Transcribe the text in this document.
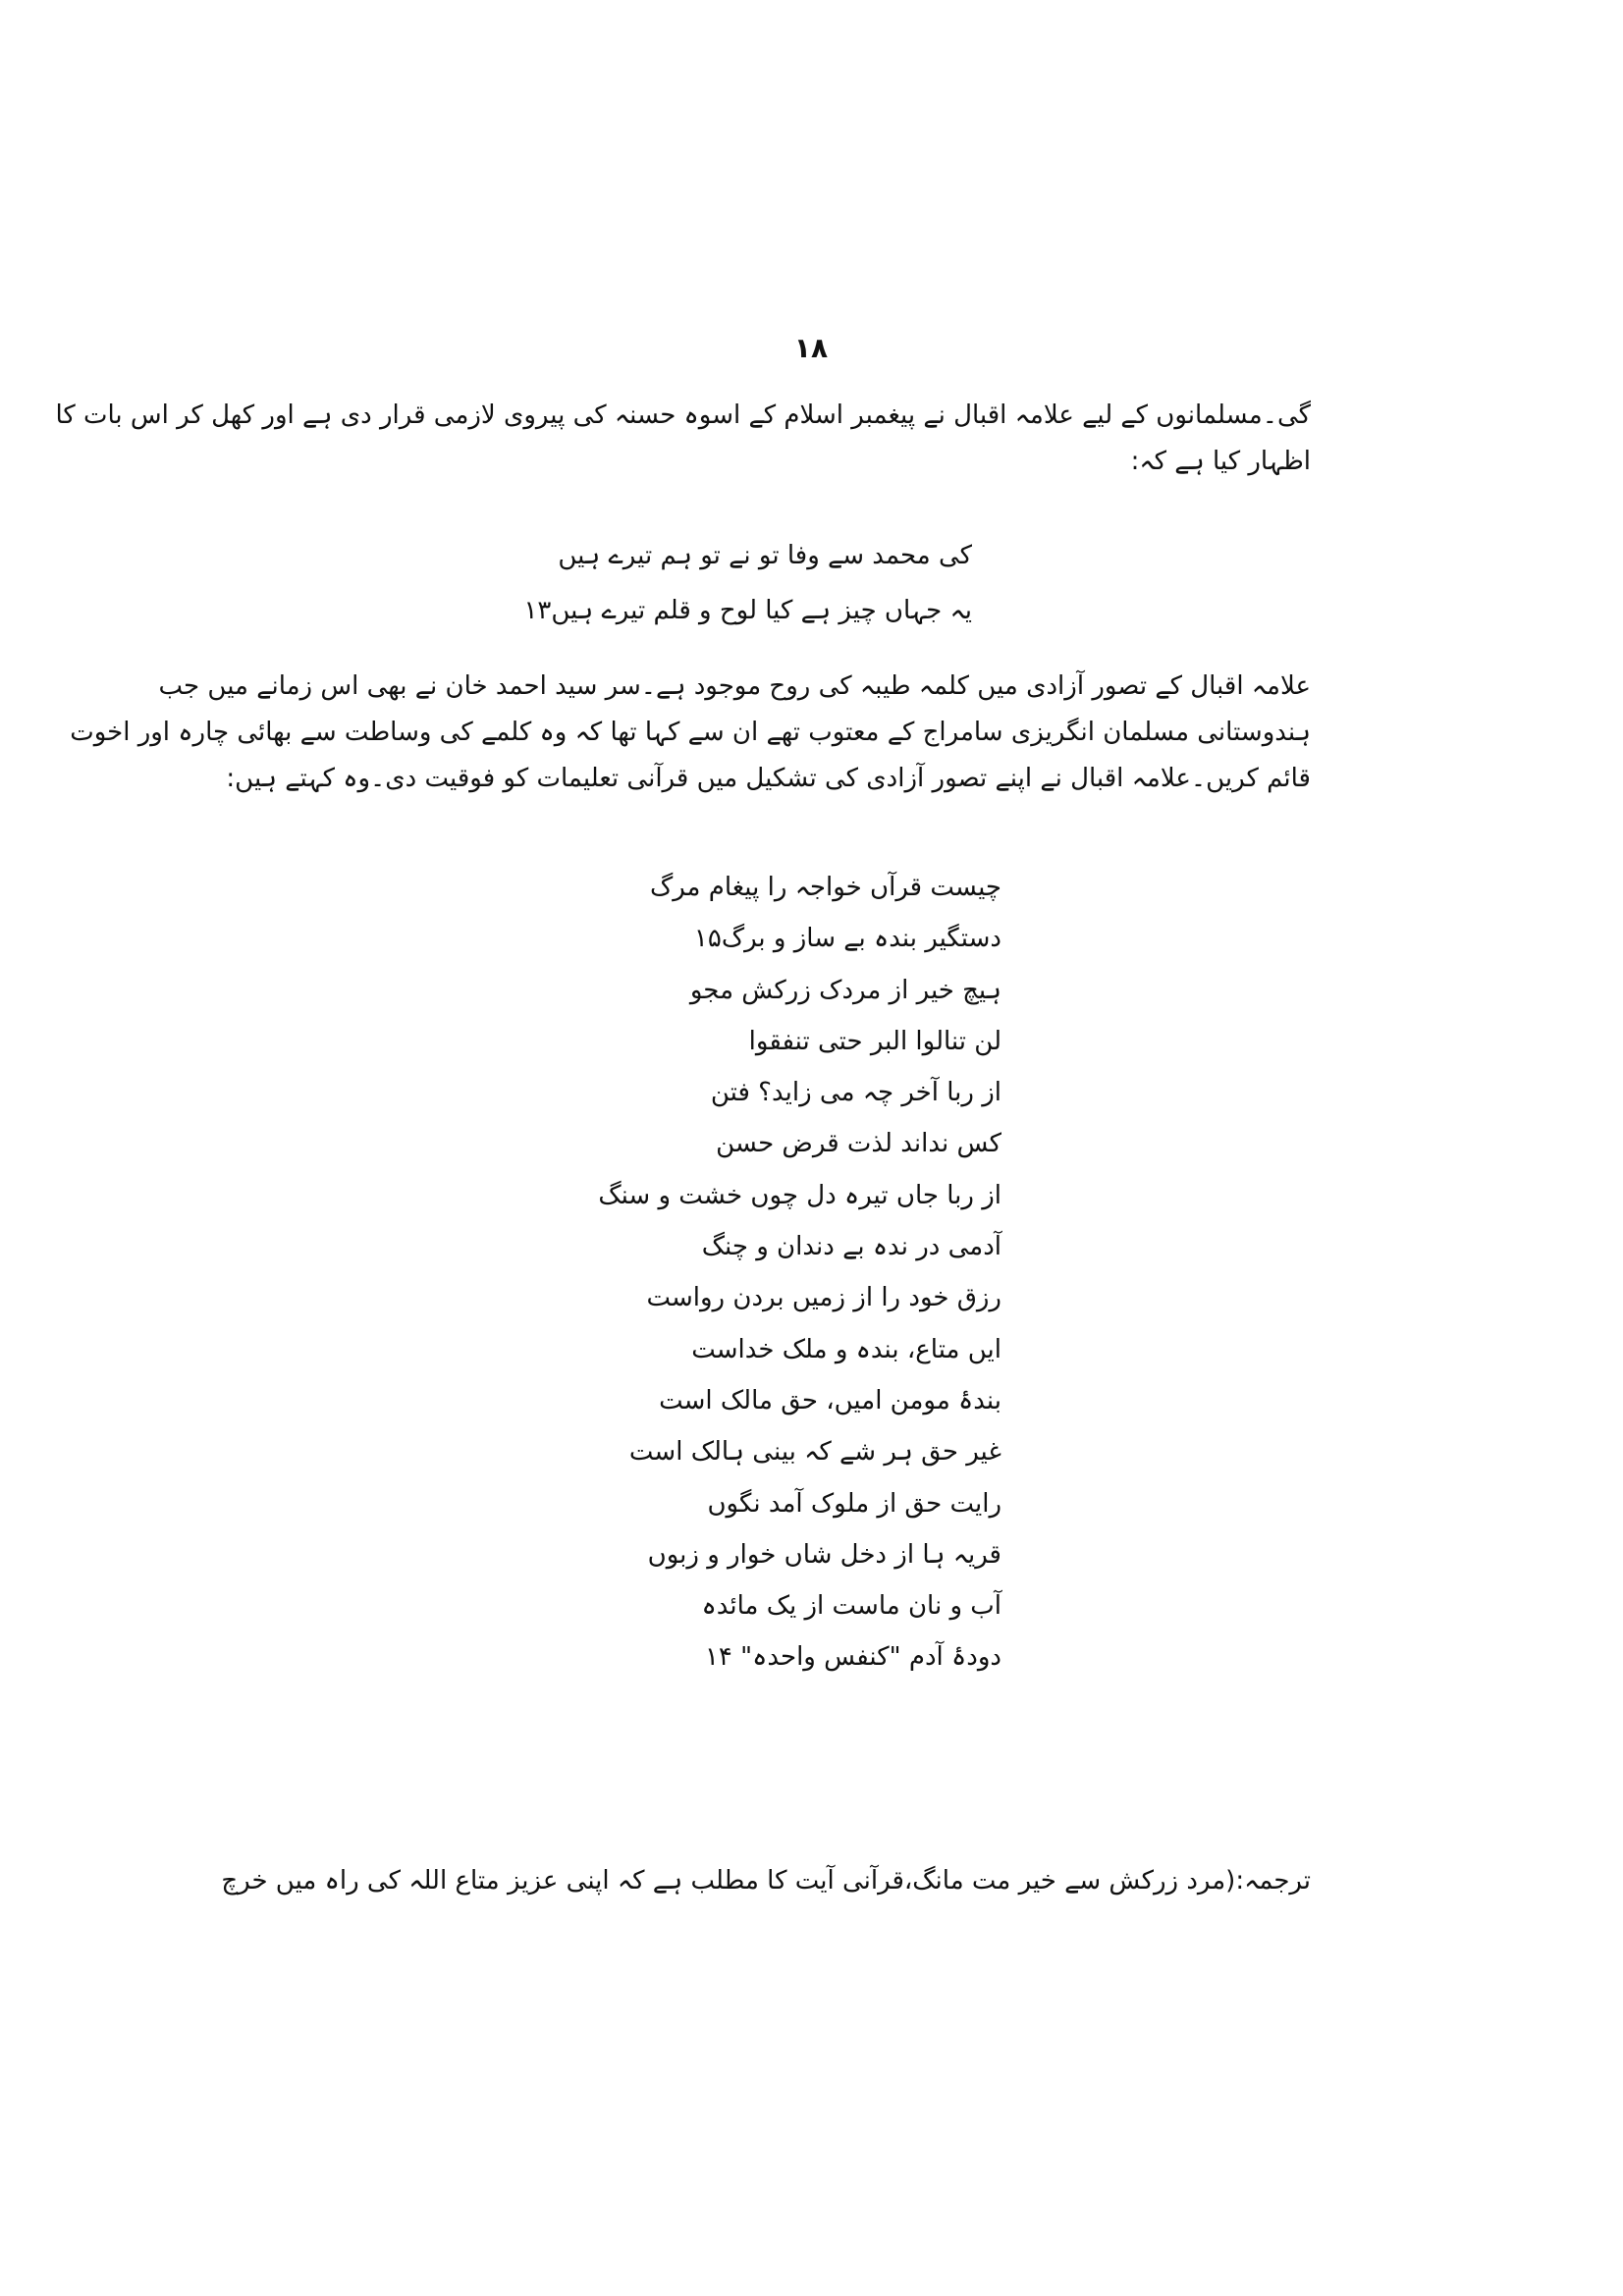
۱۸
گی۔مسلمانوں کے لیے علامہ اقبال نے پیغمبر اسلام کے اسوہ حسنہ کی پیروی لازمی قرار دی ہے اور کھل کر اس بات کا
اظہار کیا ہے کہ:
کی محمد سے وفا تو نے تو ہم تیرے ہیں
یہ جہاں چیز ہے کیا لوح و قلم تیرے ہیں۱۳
علامہ اقبال کے تصور آزادی میں کلمہ طیبہ کی روح موجود ہے۔سر سید احمد خان نے بھی اس زمانے میں جب
ہندوستانی مسلمان انگریزی سامراج کے معتوب تھے ان سے کہا تھا کہ وہ کلمے کی وساطت سے بھائی چارہ اور اخوت
قائم کریں۔علامہ اقبال نے اپنے تصور آزادی کی تشکیل میں قرآنی تعلیمات کو فوقیت دی۔وہ کہتے ہیں:
چیست قرآں خواجہ را پیغام مرگ
دستگیر بندہ بے ساز و برگ۱۵
ہیچ خیر از مردک زرکش مجو
لن تنالوا البر حتی تنفقوا
از ربا آخر چہ می زاید؟ فتن
کس نداند لذت قرض حسن
از ربا جاں تیرہ دل چوں خشت و سنگ
آدمی در ندہ بے دندان و چنگ
رزق خود را از زمیں بردن رواست
ایں متاع، بندہ و ملک خداست
بندۂ مومن امیں، حق مالک است
غیر حق ہر شے کہ بینی ہالک است
رایت حق از ملوک آمد نگوں
قریہ ہا از دخل شاں خوار و زبوں
آب و نان ماست از یک مائدہ
دودۂ آدم "کنفس واحدہ" ۱۴
ترجمہ:(مرد زرکش سے خیر مت مانگ،قرآنی آیت کا مطلب ہے کہ اپنی عزیز متاع اللہ کی راہ میں خرچ
